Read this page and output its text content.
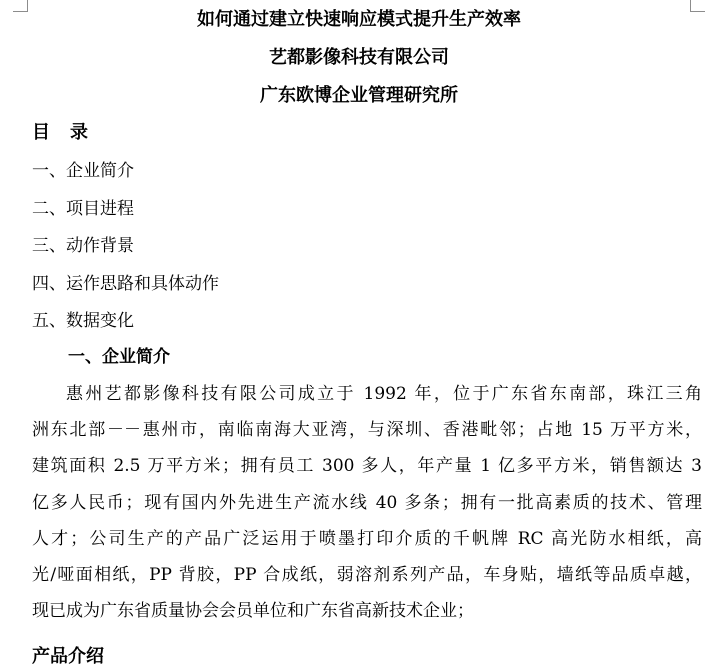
如何通过建立快速响应模式提升生产效率
艺都影像科技有限公司
广东欧博企业管理研究所
目 录
一、企业简介
二、项目进程
三、动作背景
四、运作思路和具体动作
五、数据变化
一、企业简介

惠州艺都影像科技有限公司成立于 1992 年，位于广东省东南部，珠江三角
洲东北部－－惠州市，南临南海大亚湾，与深圳、香港毗邻；占地 15 万平方米，
建筑面积 2.5 万平方米；拥有员工 300 多人，年产量 1 亿多平方米，销售额达 3
亿多人民币；现有国内外先进生产流水线 40 多条；拥有一批高素质的技术、管理
人才；公司生产的产品广泛运用于喷墨打印介质的千帆牌 RC 高光防水相纸，高
光/哑面相纸，PP 背胶，PP 合成纸，弱溶剂系列产品，车身贴，墙纸等品质卓越，
现已成为广东省质量协会会员单位和广东省高新技术企业；

产品介绍
